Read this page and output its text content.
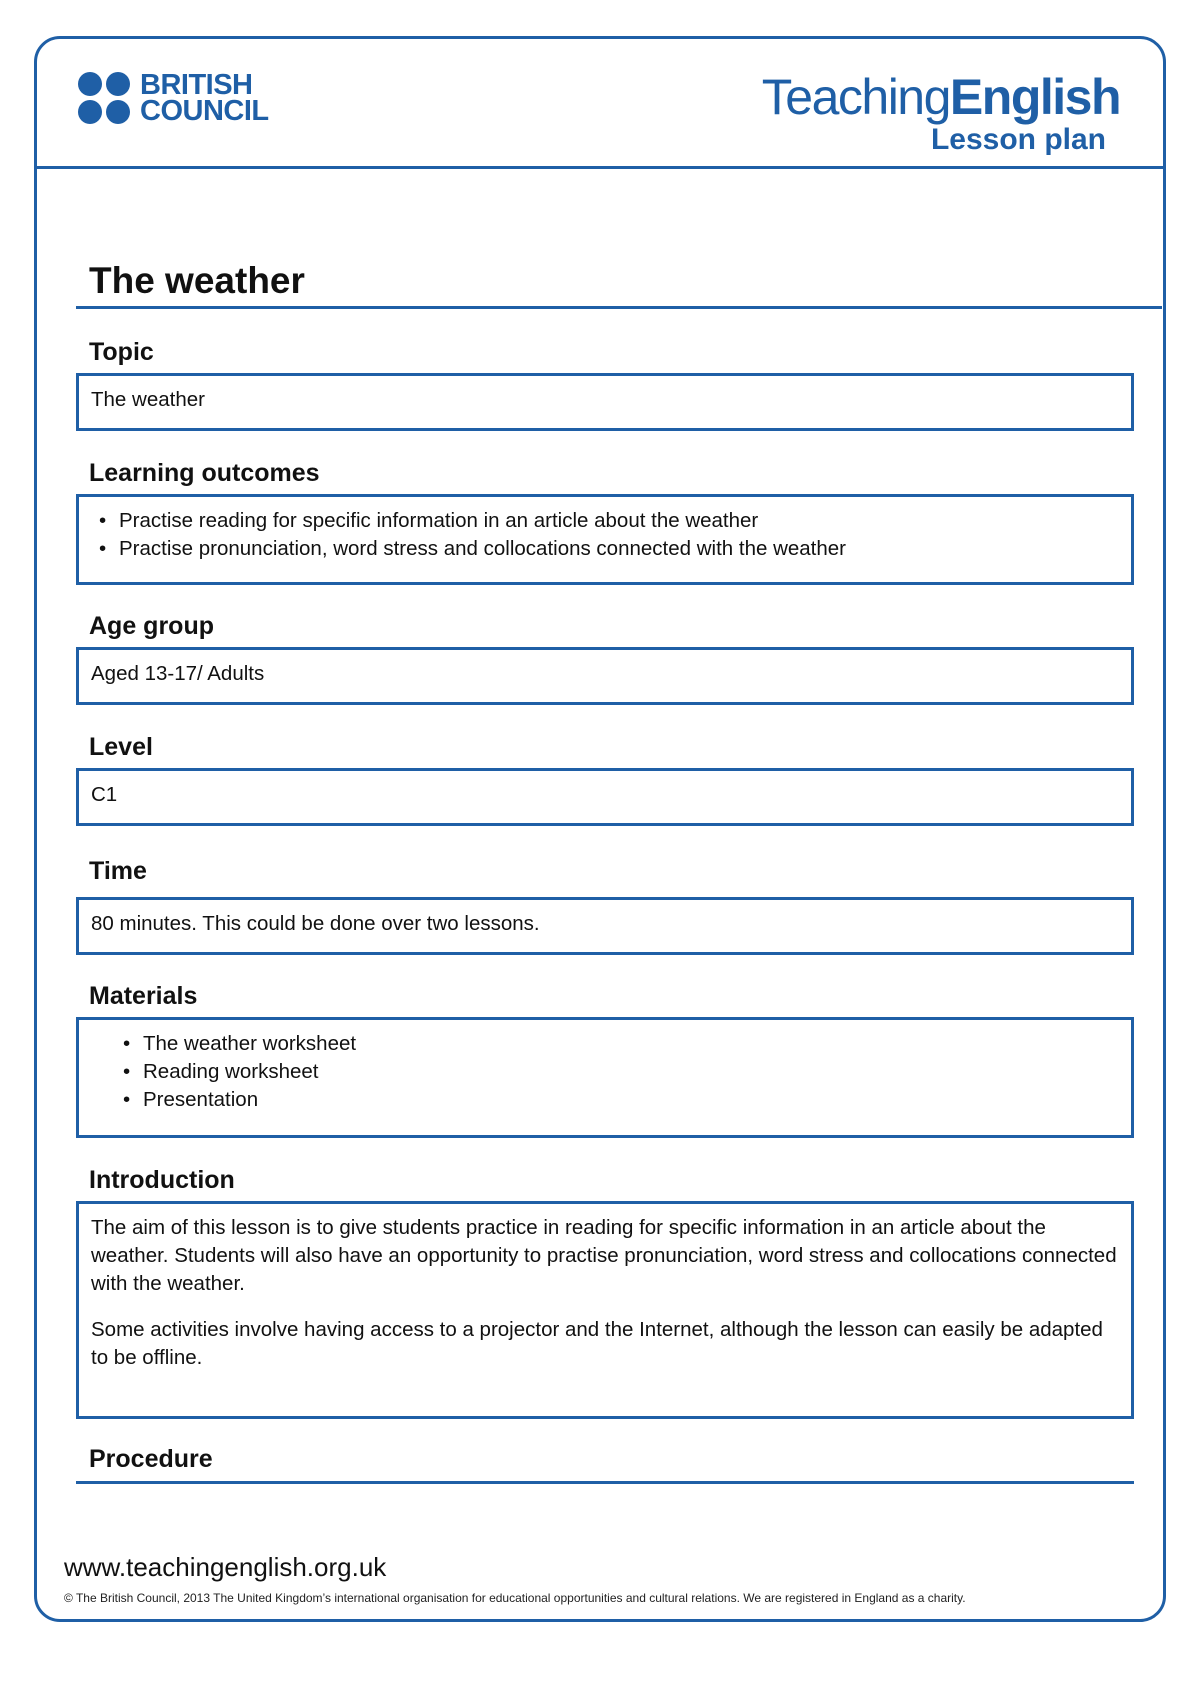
BRITISH
COUNCIL	TeachingEnglish
Lesson plan
The weather
Topic
The weather
Learning outcomes
• Practise reading for specific information in an article about the weather
• Practise pronunciation, word stress and collocations connected with the weather
Age group
Aged 13-17/ Adults
Level
C1
Time
80 minutes. This could be done over two lessons.
Materials
• The weather worksheet
• Reading worksheet
• Presentation
Introduction

The aim of this lesson is to give students practice in reading for specific information in an article about the weather. Students will also have an opportunity to practise pronunciation, word stress and collocations connected with the weather.

Some activities involve having access to a projector and the Internet, although the lesson can easily be adapted to be offline.

Procedure
www.teachingenglish.org.uk
© The British Council, 2013 The United Kingdom’s international organisation for educational opportunities and cultural relations. We are registered in England as a charity.
